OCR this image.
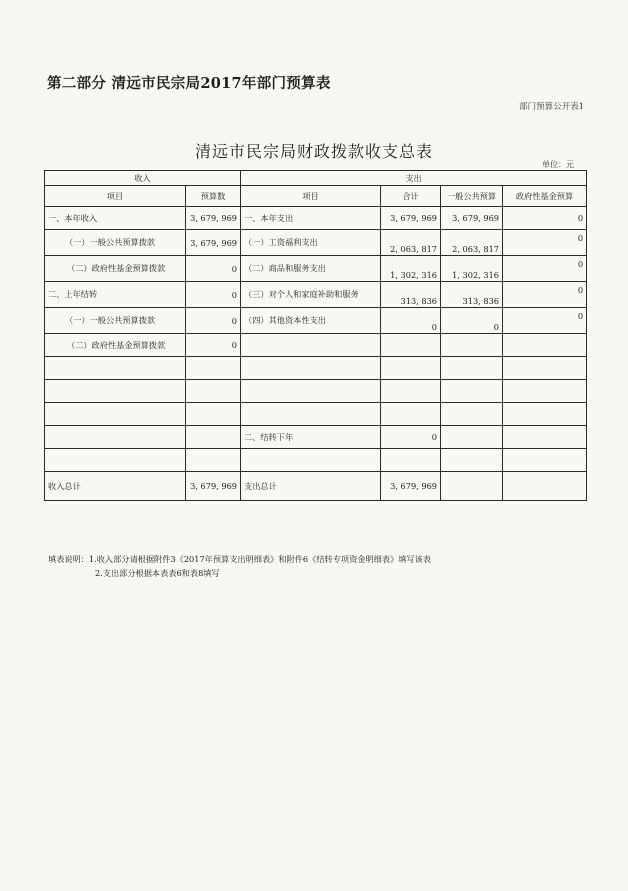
第二部分 清远市民宗局2017年部门预算表
部门预算公开表1
清远市民宗局财政拨款收支总表
单位：元
收入		支出			
项目	预算数	项目	合计	一般公共预算	政府性基金预算
一、本年收入	3, 679, 969	一、本年支出	3, 679, 969	3, 679, 969	0
（一）一般公共预算拨款	3, 679, 969	（一）工资福利支出	2, 063, 817	2, 063, 817	0
（二）政府性基金预算拨款	0	（二）商品和服务支出	1, 302, 316	1, 302, 316	0
二、上年结转	0	（三）对个人和家庭补助和服务	313, 836	313, 836	0
（一）一般公共预算拨款	0	（四）其他资本性支出	0	0	0
（二）政府性基金预算拨款	0				

		二、结转下年	0		

收入总计	3, 679, 969	支出总计	3, 679, 969		
填表说明：1.收入部分请根据附件3《2017年预算支出明细表》和附件6《结转专项资金明细表》填写该表
2.支出部分根据本表表6和表8填写
